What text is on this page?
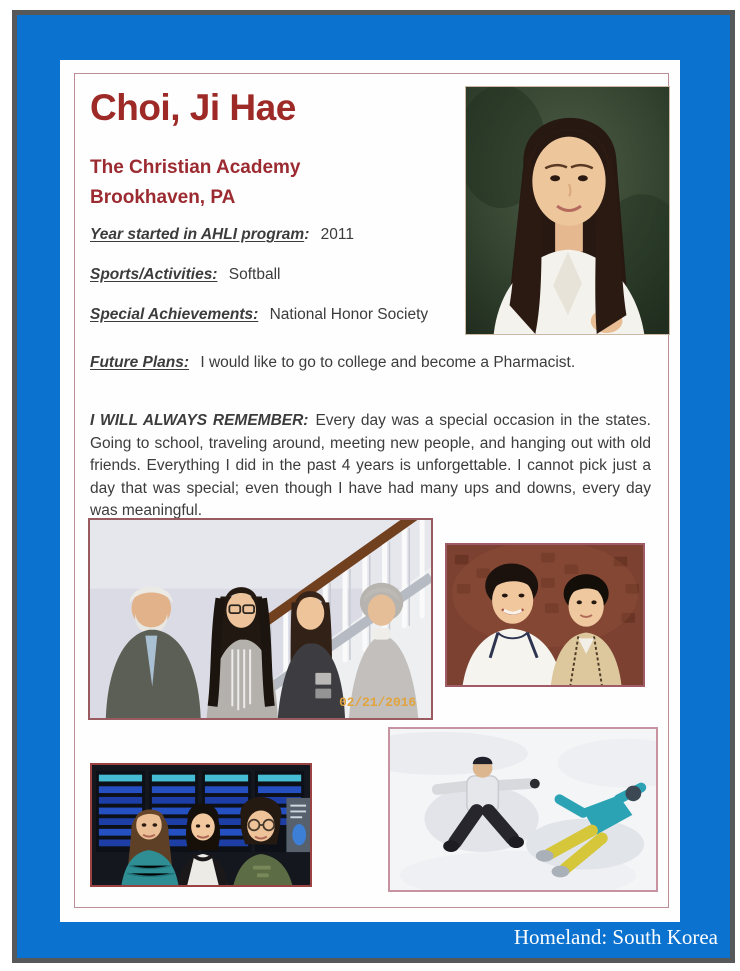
Choi, Ji Hae
The Christian Academy
Brookhaven, PA
Year started in AHLI program: 2011
Sports/Activities: Softball
Special Achievements: National Honor Society
Future Plans: I would like to go to college and become a Pharmacist.
I WILL ALWAYS REMEMBER: Every day was a special occasion in the states. Going to school, traveling around, meeting new people, and hanging out with old friends. Everything I did in the past 4 years is unforgettable. I cannot pick just a day that was special; even though I have had many ups and downs, every day was meaningful.
02/21/2016
Homeland: South Korea
